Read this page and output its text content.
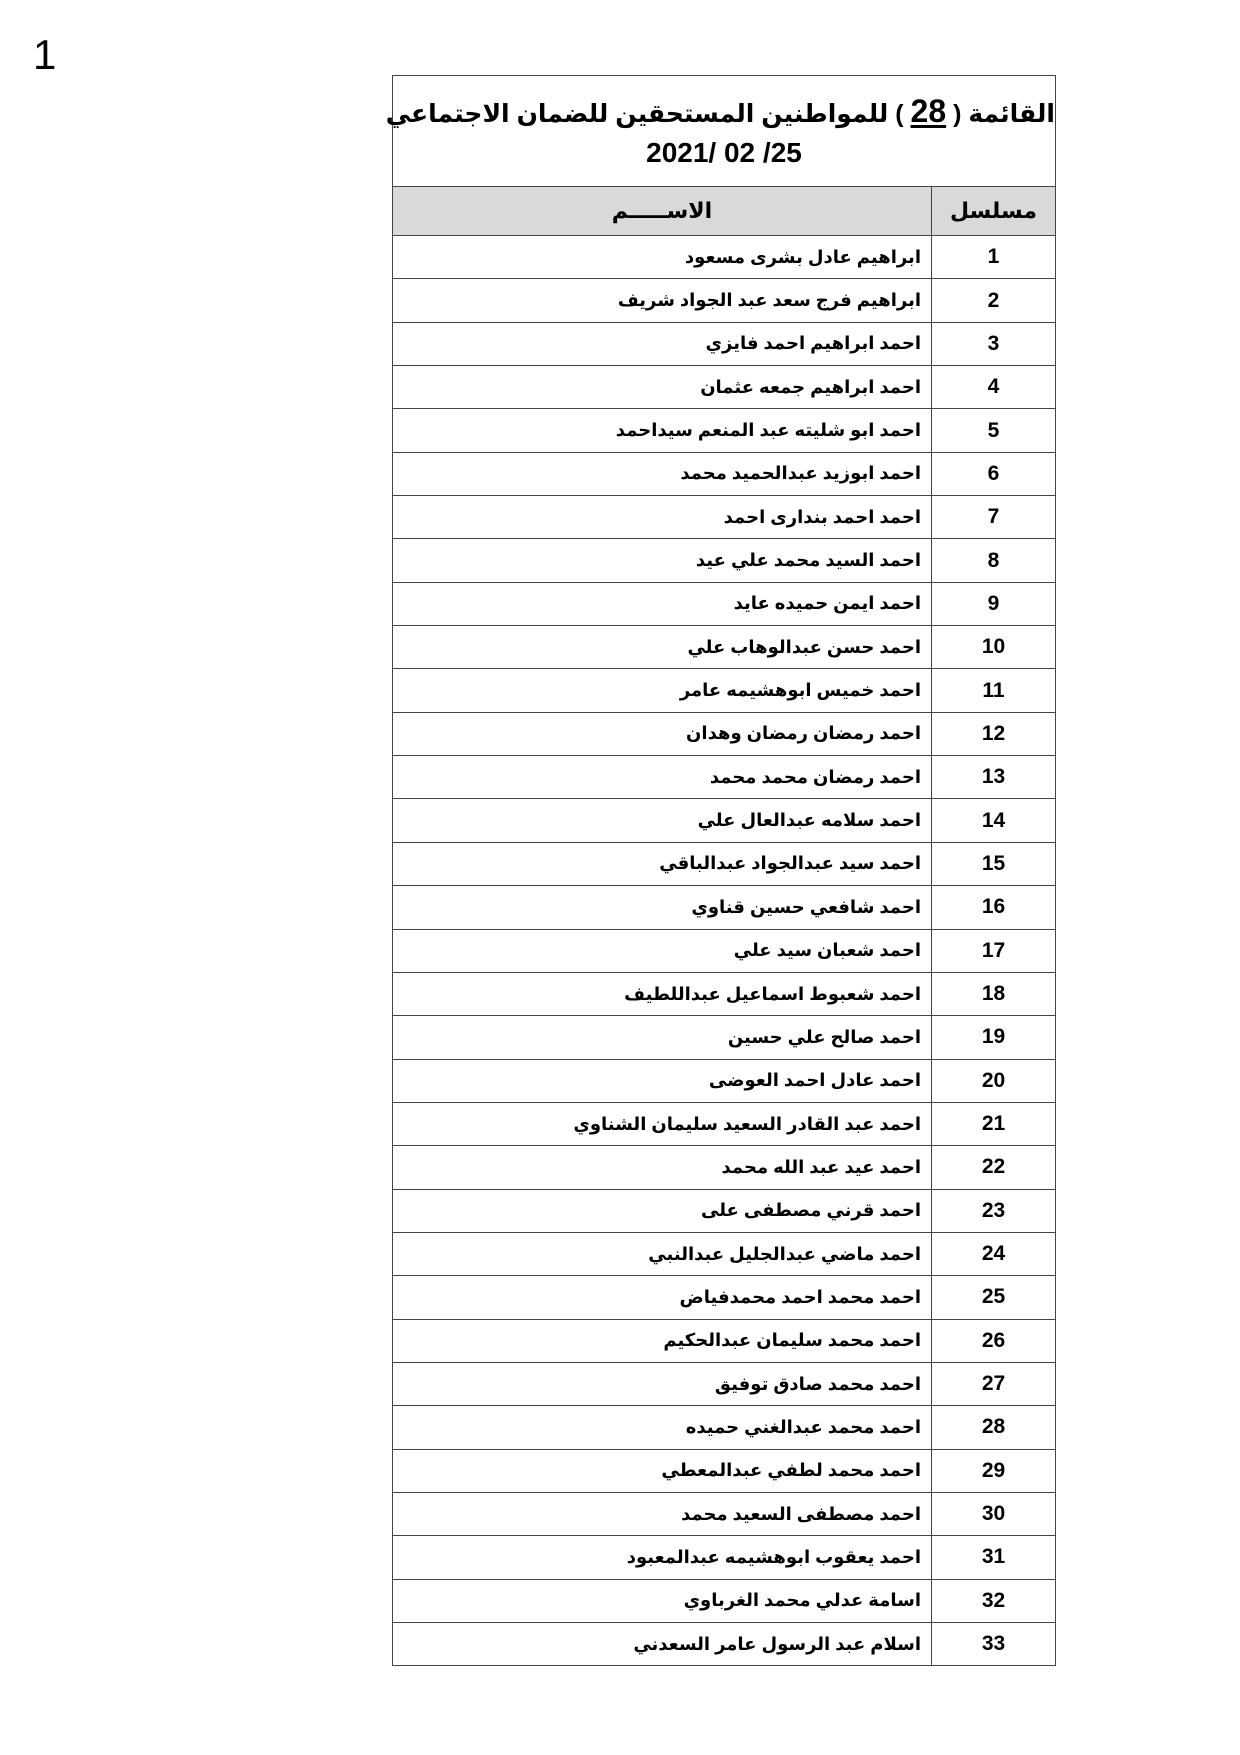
1
القائمة ( 28 ) للمواطنين المستحقين للضمان الاجتماعي
2021/ 02 /25
مسلسل
الاســـــم
1
ابراهيم عادل بشرى مسعود
2
ابراهيم فرج سعد عبد الجواد شريف
3
احمد ابراهيم احمد فايزي
4
احمد ابراهيم جمعه عثمان
5
احمد ابو شليته عبد المنعم سيداحمد
6
احمد ابوزيد عبدالحميد محمد
7
احمد احمد بندارى احمد
8
احمد السيد محمد علي عيد
9
احمد ايمن حميده عايد
10
احمد حسن عبدالوهاب علي
11
احمد خميس ابوهشيمه عامر
12
احمد رمضان رمضان وهدان
13
احمد رمضان محمد محمد
14
احمد سلامه عبدالعال علي
15
احمد سيد عبدالجواد عبدالباقي
16
احمد شافعي حسين قناوي
17
احمد شعبان سيد علي
18
احمد شعبوط اسماعيل عبداللطيف
19
احمد صالح علي حسين
20
احمد عادل احمد العوضى
21
احمد عبد القادر السعيد سليمان الشناوي
22
احمد عيد عبد الله محمد
23
احمد قرني مصطفى على
24
احمد ماضي عبدالجليل عبدالنبي
25
احمد محمد احمد محمدفياض
26
احمد محمد سليمان عبدالحكيم
27
احمد محمد صادق توفيق
28
احمد محمد عبدالغني حميده
29
احمد محمد لطفي عبدالمعطي
30
احمد مصطفى السعيد محمد
31
احمد يعقوب ابوهشيمه عبدالمعبود
32
اسامة عدلي محمد الغرباوي
33
اسلام عبد الرسول عامر السعدني
